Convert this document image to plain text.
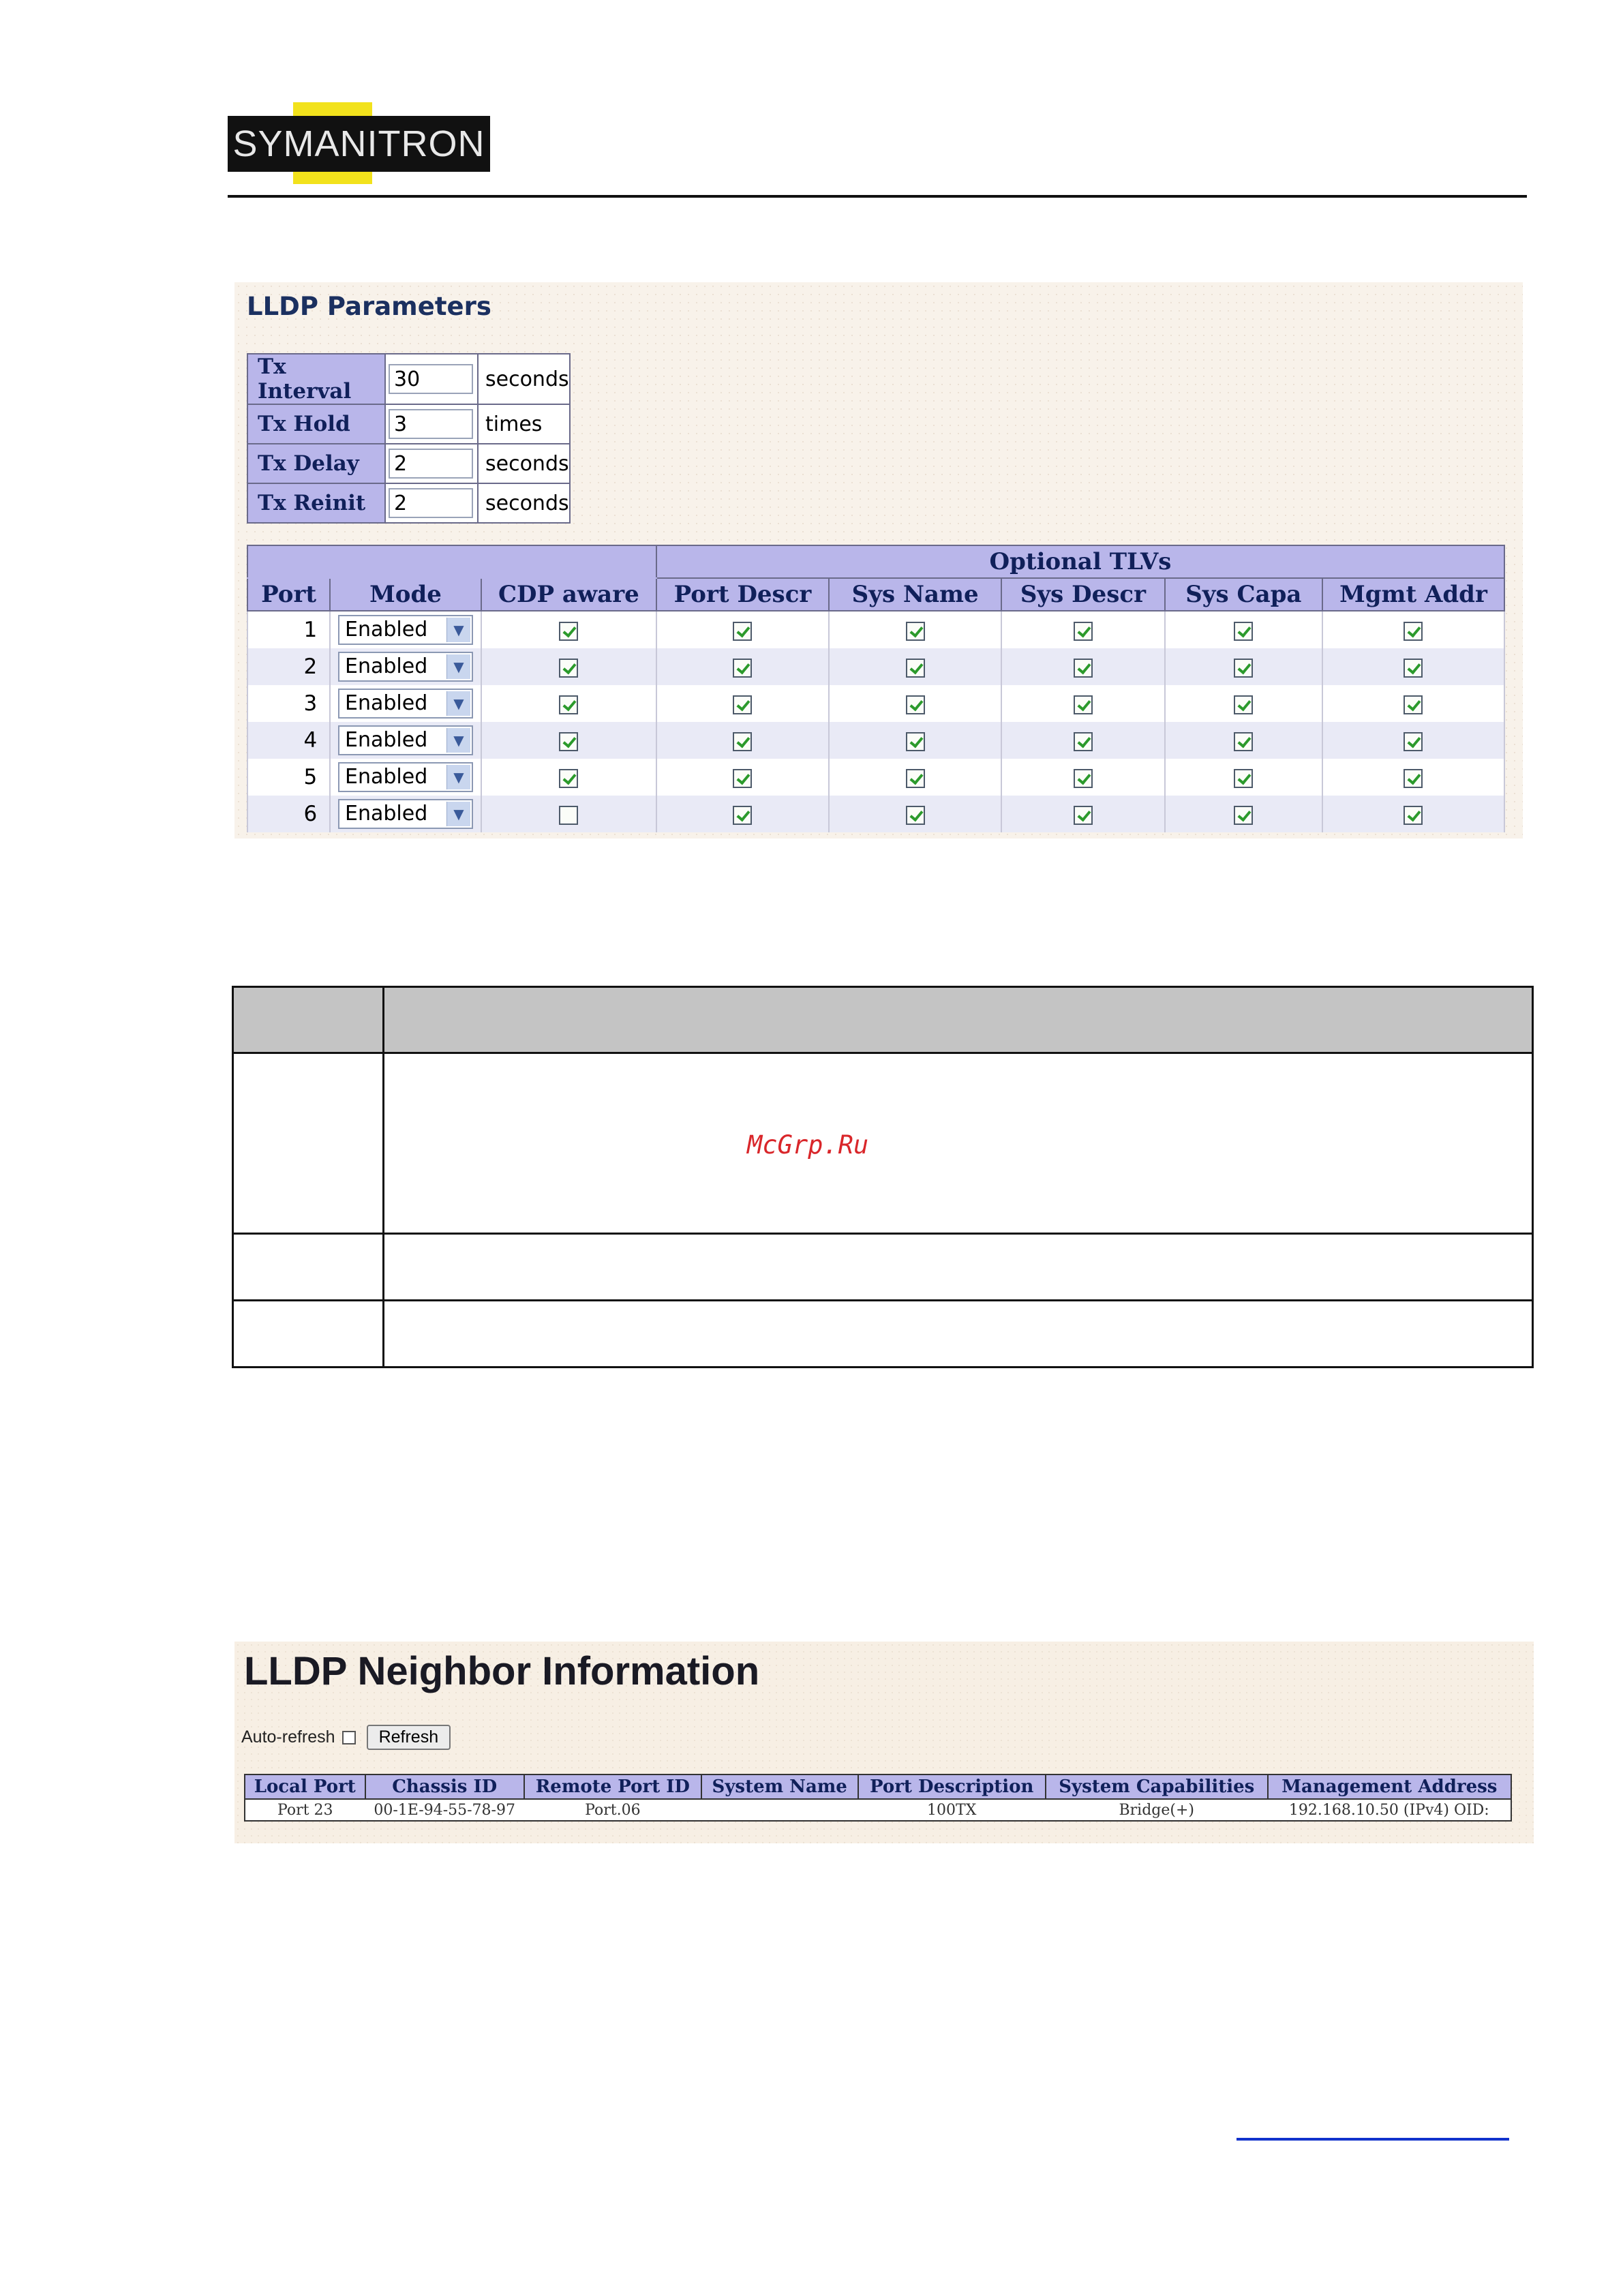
SYMANITRON
LLDP Parameters
Tx Interval	30	seconds
Tx Hold	3	times
Tx Delay	2	seconds
Tx Reinit	2	seconds
			Optional TLVs				
Port	Mode	CDP aware	Port Descr	Sys Name	Sys Descr	Sys Capa	Mgmt Addr
1	Enabled ▼						

2	Enabled ▼						

3	Enabled ▼						

4	Enabled ▼						

5	Enabled ▼						

6	Enabled ▼						

McGrp.Ru
LLDP Neighbor Information
Auto-refresh	Refresh
Local Port	Chassis ID	Remote Port ID	System Name	Port Description	System Capabilities	Management Address
Port 23	00-1E-94-55-78-97	Port.06		100TX	Bridge(+)	192.168.10.50 (IPv4) OID:
